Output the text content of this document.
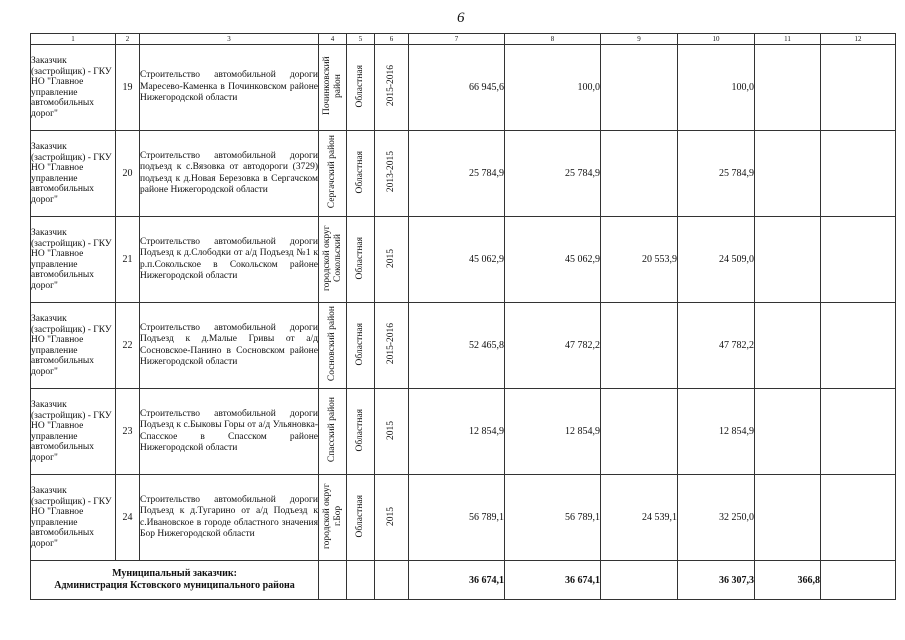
6
1	2	3	4	5	6	7	8	9	10	11	12
Заказчик (застройщик) - ГКУ НО "Главное управление автомобильных дорог"	19	Строительство автомобильной дороги Маресево-Каменка в Починковском районе Нижегородской области	Починковский район	Областная	2015-2016	66 945,6	100,0		100,0		
Заказчик (застройщик) - ГКУ НО "Главное управление автомобильных дорог"	20	Строительство автомобильной дороги подъезд к с.Вязовка от автодороги (3729) подъезд к д.Новая Березовка в Сергачском районе Нижегородской области	Сергачский район	Областная	2013-2015	25 784,9	25 784,9		25 784,9		
Заказчик (застройщик) - ГКУ НО "Главное управление автомобильных дорог"	21	Строительство автомобильной дороги Подъезд к д.Слободки от а/д Подъезд №1 к р.п.Сокольское в Сокольском районе Нижегородской области	городской округ Сокольский	Областная	2015	45 062,9	45 062,9	20 553,9	24 509,0		
Заказчик (застройщик) - ГКУ НО "Главное управление автомобильных дорог"	22	Строительство автомобильной дороги Подъезд к д.Малые Гривы от а/д Сосновское-Панино в Сосновском районе Нижегородской области	Сосновский район	Областная	2015-2016	52 465,8	47 782,2		47 782,2		
Заказчик (застройщик) - ГКУ НО "Главное управление автомобильных дорог"	23	Строительство автомобильной дороги Подъезд к с.Быковы Горы от а/д Ульяновка-Спасское в Спасском районе Нижегородской области	Спасский район	Областная	2015	12 854,9	12 854,9		12 854,9		
Заказчик (застройщик) - ГКУ НО "Главное управление автомобильных дорог"	24	Строительство автомобильной дороги Подъезд к д.Тугарино от а/д Подъезд к с.Ивановское в городе областного значения Бор Нижегородской области	городской округ г.Бор	Областная	2015	56 789,1	56 789,1	24 539,1	32 250,0		

Муниципальный заказчик:
Администрация Кстовского муниципального района						36 674,1	36 674,1		36 307,3	366,8	
